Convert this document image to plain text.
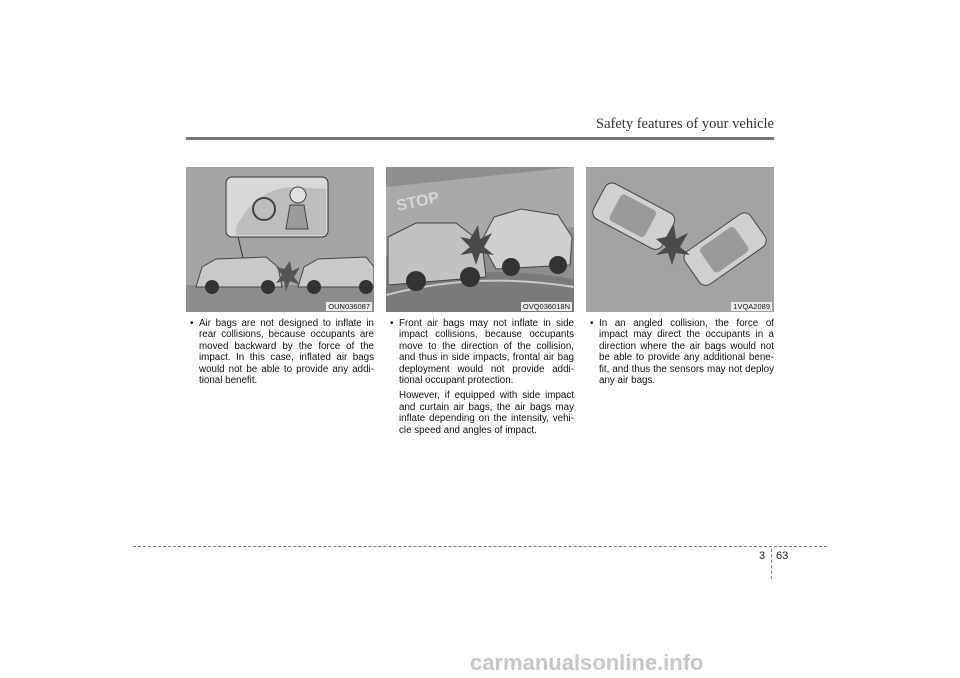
Safety features of your vehicle
OUN036087
• Air bags are not designed to inflate in rear collisions, because occupants are moved backward by the force of the impact. In this case, inflated air bags would not be able to provide any addi- tional benefit.
STOP
OVQ036018N
• Front air bags may not inflate in side impact collisions, because occupants move to the direction of the collision, and thus in side impacts, frontal air bag deployment would not provide addi- tional occupant protection.
However, if equipped with side impact and curtain air bags, the air bags may inflate depending on the intensity, vehi- cle speed and angles of impact.
1VQA2089
• In an angled collision, the force of impact may direct the occupants in a direction where the air bags would not be able to provide any additional bene- fit, and thus the sensors may not deploy any air bags.
3 63
carmanualsonline.info
